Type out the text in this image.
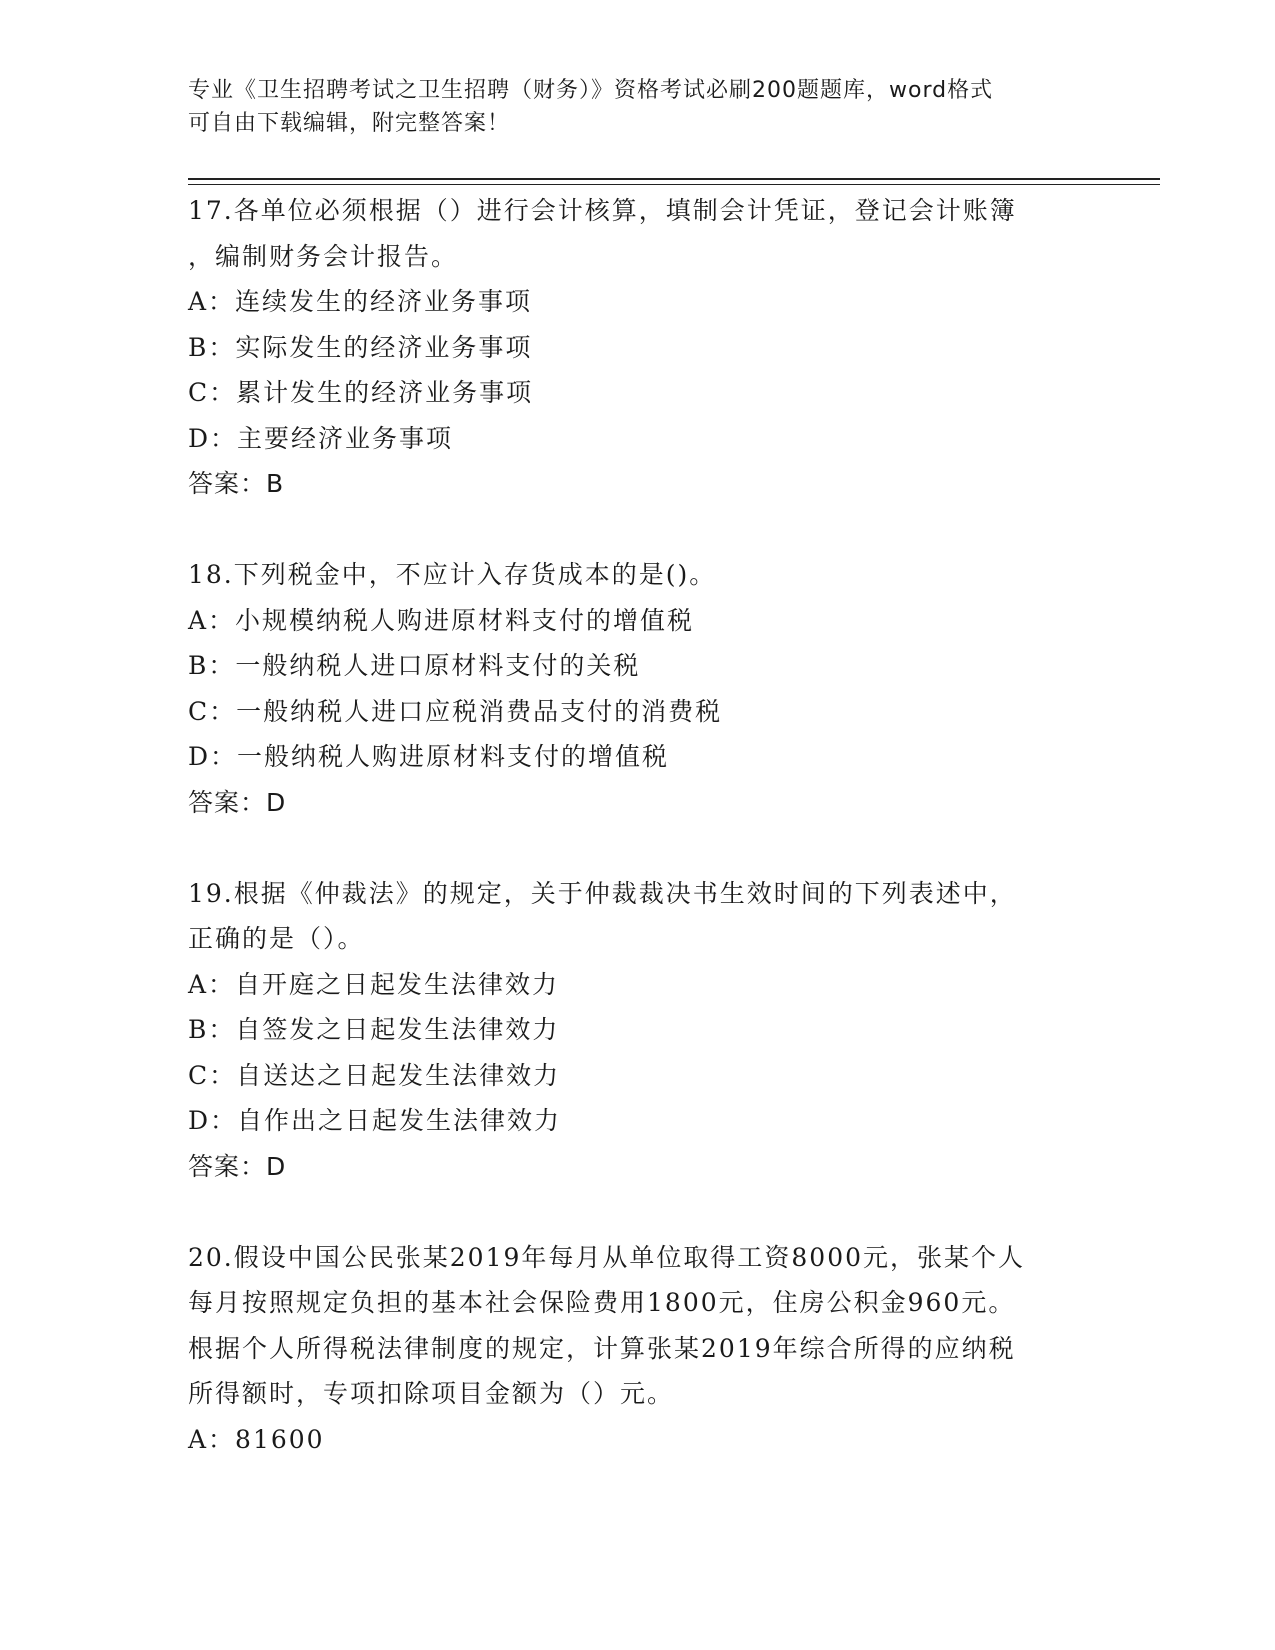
专业《卫生招聘考试之卫生招聘（财务）》资格考试必刷200题题库，word格式
可自由下载编辑，附完整答案！
17.各单位必须根据（）进行会计核算，填制会计凭证，登记会计账簿
，编制财务会计报告。
A：连续发生的经济业务事项
B：实际发生的经济业务事项
C：累计发生的经济业务事项
D：主要经济业务事项
答案：B
18.下列税金中，不应计入存货成本的是()。
A：小规模纳税人购进原材料支付的增值税
B：一般纳税人进口原材料支付的关税
C：一般纳税人进口应税消费品支付的消费税
D：一般纳税人购进原材料支付的增值税
答案：D
19.根据《仲裁法》的规定，关于仲裁裁决书生效时间的下列表述中，
正确的是（）。
A：自开庭之日起发生法律效力
B：自签发之日起发生法律效力
C：自送达之日起发生法律效力
D：自作出之日起发生法律效力
答案：D
20.假设中国公民张某2019年每月从单位取得工资8000元，张某个人
每月按照规定负担的基本社会保险费用1800元，住房公积金960元。
根据个人所得税法律制度的规定，计算张某2019年综合所得的应纳税
所得额时，专项扣除项目金额为（）元。
A：81600
